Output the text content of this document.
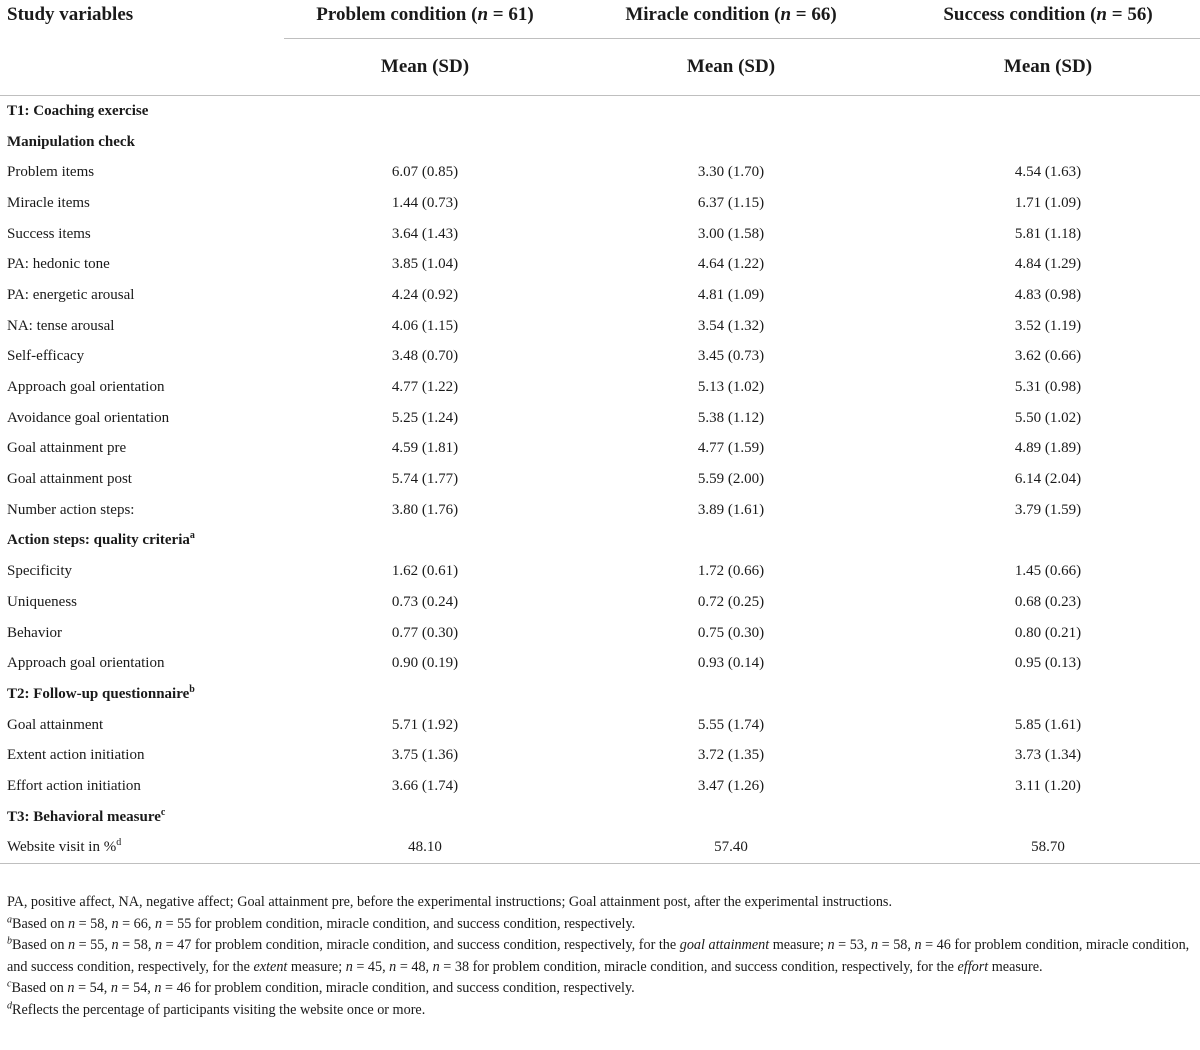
Study variables	Problem condition (n = 61)	Miracle condition (n = 66)	Success condition (n = 56)

	Mean (SD)	Mean (SD)	Mean (SD)
T1: Coaching exercise			
Manipulation check			
Problem items	6.07 (0.85)	3.30 (1.70)	4.54 (1.63)
Miracle items	1.44 (0.73)	6.37 (1.15)	1.71 (1.09)
Success items	3.64 (1.43)	3.00 (1.58)	5.81 (1.18)
PA: hedonic tone	3.85 (1.04)	4.64 (1.22)	4.84 (1.29)
PA: energetic arousal	4.24 (0.92)	4.81 (1.09)	4.83 (0.98)
NA: tense arousal	4.06 (1.15)	3.54 (1.32)	3.52 (1.19)
Self-efficacy	3.48 (0.70)	3.45 (0.73)	3.62 (0.66)
Approach goal orientation	4.77 (1.22)	5.13 (1.02)	5.31 (0.98)
Avoidance goal orientation	5.25 (1.24)	5.38 (1.12)	5.50 (1.02)
Goal attainment pre	4.59 (1.81)	4.77 (1.59)	4.89 (1.89)
Goal attainment post	5.74 (1.77)	5.59 (2.00)	6.14 (2.04)
Number action steps:	3.80 (1.76)	3.89 (1.61)	3.79 (1.59)
Action steps: quality criteria$^a$			
Specificity	1.62 (0.61)	1.72 (0.66)	1.45 (0.66)
Uniqueness	0.73 (0.24)	0.72 (0.25)	0.68 (0.23)
Behavior	0.77 (0.30)	0.75 (0.30)	0.80 (0.21)
Approach goal orientation	0.90 (0.19)	0.93 (0.14)	0.95 (0.13)
T2: Follow-up questionnaire$^b$			
Goal attainment	5.71 (1.92)	5.55 (1.74)	5.85 (1.61)
Extent action initiation	3.75 (1.36)	3.72 (1.35)	3.73 (1.34)
Effort action initiation	3.66 (1.74)	3.47 (1.26)	3.11 (1.20)
T3: Behavioral measure$^c$			
Website visit in %$^d$	48.10	57.40	58.70

PA, positive affect, NA, negative affect; Goal attainment pre, before the experimental instructions; Goal attainment post, after the experimental instructions.

$^a$Based on n = 58, n = 66, n = 55 for problem condition, miracle condition, and success condition, respectively.

$^b$Based on n = 55, n = 58, n = 47 for problem condition, miracle condition, and success condition, respectively, for the goal attainment measure; n = 53, n = 58, n = 46 for problem condition, miracle condition, and success condition, respectively, for the extent measure; n = 45, n = 48, n = 38 for problem condition, miracle condition, and success condition, respectively, for the effort measure.

$^c$Based on n = 54, n = 54, n = 46 for problem condition, miracle condition, and success condition, respectively.

$^d$Reflects the percentage of participants visiting the website once or more.
